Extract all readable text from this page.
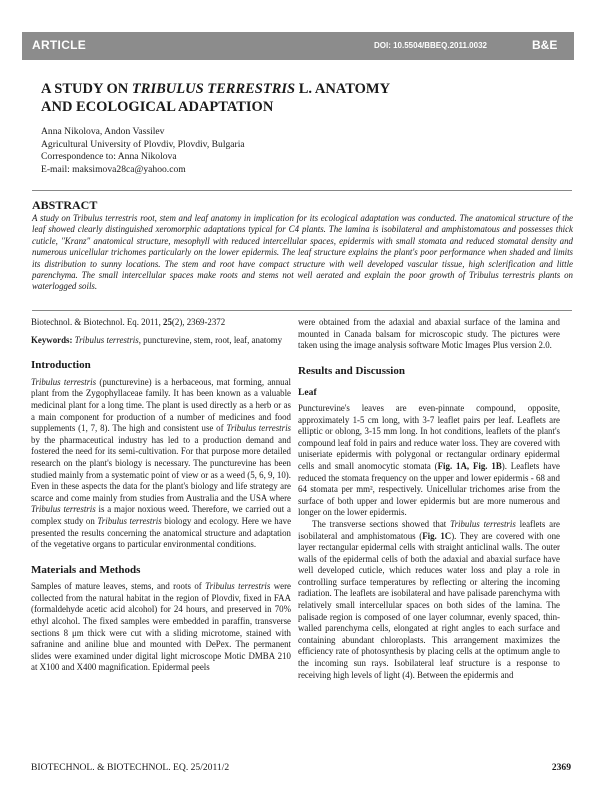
ARTICLE	DOI: 10.5504/BBEQ.2011.0032	B&E
A STUDY ON TRIBULUS TERRESTRIS L. ANATOMY
AND ECOLOGICAL ADAPTATION
Anna Nikolova, Andon Vassilev
Agricultural University of Plovdiv, Plovdiv, Bulgaria
Correspondence to: Anna Nikolova
E-mail: maksimova28ca@yahoo.com
ABSTRACT

A study on Tribulus terrestris root, stem and leaf anatomy in implication for its ecological adaptation was conducted. The anatomical structure of the leaf showed clearly distinguished xeromorphic adaptations typical for C4 plants. The lamina is isobilateral and amphistomatous and possesses thick cuticle, "Kranz" anatomical structure, mesophyll with reduced intercellular spaces, epidermis with small stomata and reduced stomatal density and numerous unicellular trichomes particularly on the lower epidermis. The leaf structure explains the plant's poor performance when shaded and limits its distribution to sunny locations. The stem and root have compact structure with well developed vascular tissue, high sclerification and little parenchyma. The small intercellular spaces make roots and stems not well aerated and explain the poor growth of Tribulus terrestris plants on waterlogged soils.

Biotechnol. & Biotechnol. Eq. 2011, 25(2), 2369-2372

Keywords: Tribulus terrestris, puncturevine, stem, root, leaf, anatomy

Introduction

Tribulus terrestris (puncturevine) is a herbaceous, mat forming, annual plant from the Zygophyllaceae family. It has been known as a valuable medicinal plant for a long time. The plant is used directly as a herb or as a main component for production of a number of medicines and food supplements (1, 7, 8). The high and consistent use of Tribulus terrestris by the pharmaceutical industry has led to a production demand and fostered the need for its semi-cultivation. For that purpose more detailed research on the plant's biology is necessary. The puncturevine has been studied mainly from a systematic point of view or as a weed (5, 6, 9, 10). Even in these aspects the data for the plant's biology and life strategy are scarce and come mainly from studies from Australia and the USA where Tribulus terrestris is a major noxious weed. Therefore, we carried out a complex study on Tribulus terrestris biology and ecology. Here we have presented the results concerning the anatomical structure and adaptation of the vegetative organs to particular environmental conditions.

Materials and Methods

Samples of mature leaves, stems, and roots of Tribulus terrestris were collected from the natural habitat in the region of Plovdiv, fixed in FAA (formaldehyde acetic acid alcohol) for 24 hours, and preserved in 70% ethyl alcohol. The fixed samples were embedded in paraffin, transverse sections 8 μm thick were cut with a sliding microtome, stained with safranine and aniline blue and mounted with DePex. The permanent slides were examined under digital light microscope Motic DMBA 210 at X100 and X400 magnification. Epidermal peels

were obtained from the adaxial and abaxial surface of the lamina and mounted in Canada balsam for microscopic study. The pictures were taken using the image analysis software Motic Images Plus version 2.0.

Results and Discussion
Leaf

Puncturevine's leaves are even-pinnate compound, opposite, approximately 1-5 cm long, with 3-7 leaflet pairs per leaf. Leaflets are elliptic or oblong, 3-15 mm long. In hot conditions, leaflets of the plant's compound leaf fold in pairs and reduce water loss. They are covered with uniseriate epidermis with polygonal or rectangular ordinary epidermal cells and small anomocytic stomata (Fig. 1A, Fig. 1B). Leaflets have reduced the stomata frequency on the upper and lower epidermis - 68 and 64 stomata per mm², respectively. Unicellular trichomes arise from the surface of both upper and lower epidermis but are more numerous and longer on the lower epidermis.

The transverse sections showed that Tribulus terrestris leaflets are isobilateral and amphistomatous (Fig. 1C). They are covered with one layer rectangular epidermal cells with straight anticlinal walls. The outer walls of the epidermal cells of both the adaxial and abaxial surface have well developed cuticle, which reduces water loss and play a role in controlling surface temperatures by reflecting or altering the incoming radiation. The leaflets are isobilateral and have palisade parenchyma with relatively small intercellular spaces on both sides of the lamina. The palisade region is composed of one layer columnar, evenly spaced, thin-walled parenchyma cells, elongated at right angles to each surface and containing abundant chloroplasts. This arrangement maximizes the efficiency rate of photosynthesis by placing cells at the optimum angle to the incoming sun rays. Isobilateral leaf structure is a response to receiving high levels of light (4). Between the epidermis and

BIOTECHNOL. & BIOTECHNOL. EQ. 25/2011/2	2369
